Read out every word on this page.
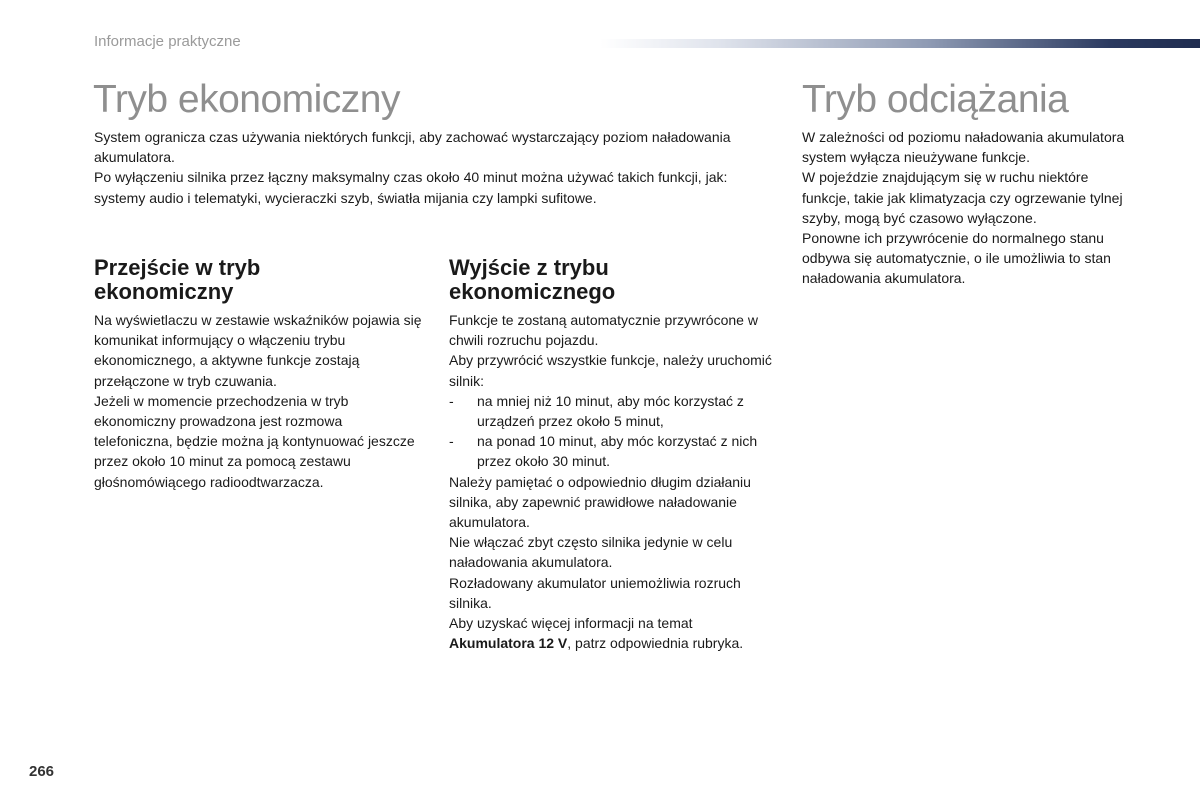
Informacje praktyczne
Tryb ekonomiczny

System ogranicza czas używania niektórych funkcji, aby zachować wystarczający poziom naładowania akumulatora.

Po wyłączeniu silnika przez łączny maksymalny czas około 40 minut można używać takich funkcji, jak: systemy audio i telematyki, wycieraczki szyb, światła mijania czy lampki sufitowe.

Przejście w tryb ekonomiczny

Na wyświetlaczu w zestawie wskaźników pojawia się komunikat informujący o włączeniu trybu ekonomicznego, a aktywne funkcje zostają przełączone w tryb czuwania.

Jeżeli w momencie przechodzenia w tryb ekonomiczny prowadzona jest rozmowa telefoniczna, będzie można ją kontynuować jeszcze przez około 10 minut za pomocą zestawu głośnomówiącego radioodtwarzacza.

Wyjście z trybu ekonomicznego

Funkcje te zostaną automatycznie przywrócone w chwili rozruchu pojazdu.

Aby przywrócić wszystkie funkcje, należy uruchomić silnik:

- na mniej niż 10 minut, aby móc korzystać z urządzeń przez około 5 minut,
- na ponad 10 minut, aby móc korzystać z nich przez około 30 minut.

Należy pamiętać o odpowiednio długim działaniu silnika, aby zapewnić prawidłowe naładowanie akumulatora.

Nie włączać zbyt często silnika jedynie w celu naładowania akumulatora.

Rozładowany akumulator uniemożliwia rozruch silnika.

Aby uzyskać więcej informacji na temat Akumulatora 12 V, patrz odpowiednia rubryka.

Tryb odciążania

W zależności od poziomu naładowania akumulatora system wyłącza nieużywane funkcje.

W pojeździe znajdującym się w ruchu niektóre funkcje, takie jak klimatyzacja czy ogrzewanie tylnej szyby, mogą być czasowo wyłączone.

Ponowne ich przywrócenie do normalnego stanu odbywa się automatycznie, o ile umożliwia to stan naładowania akumulatora.

266
